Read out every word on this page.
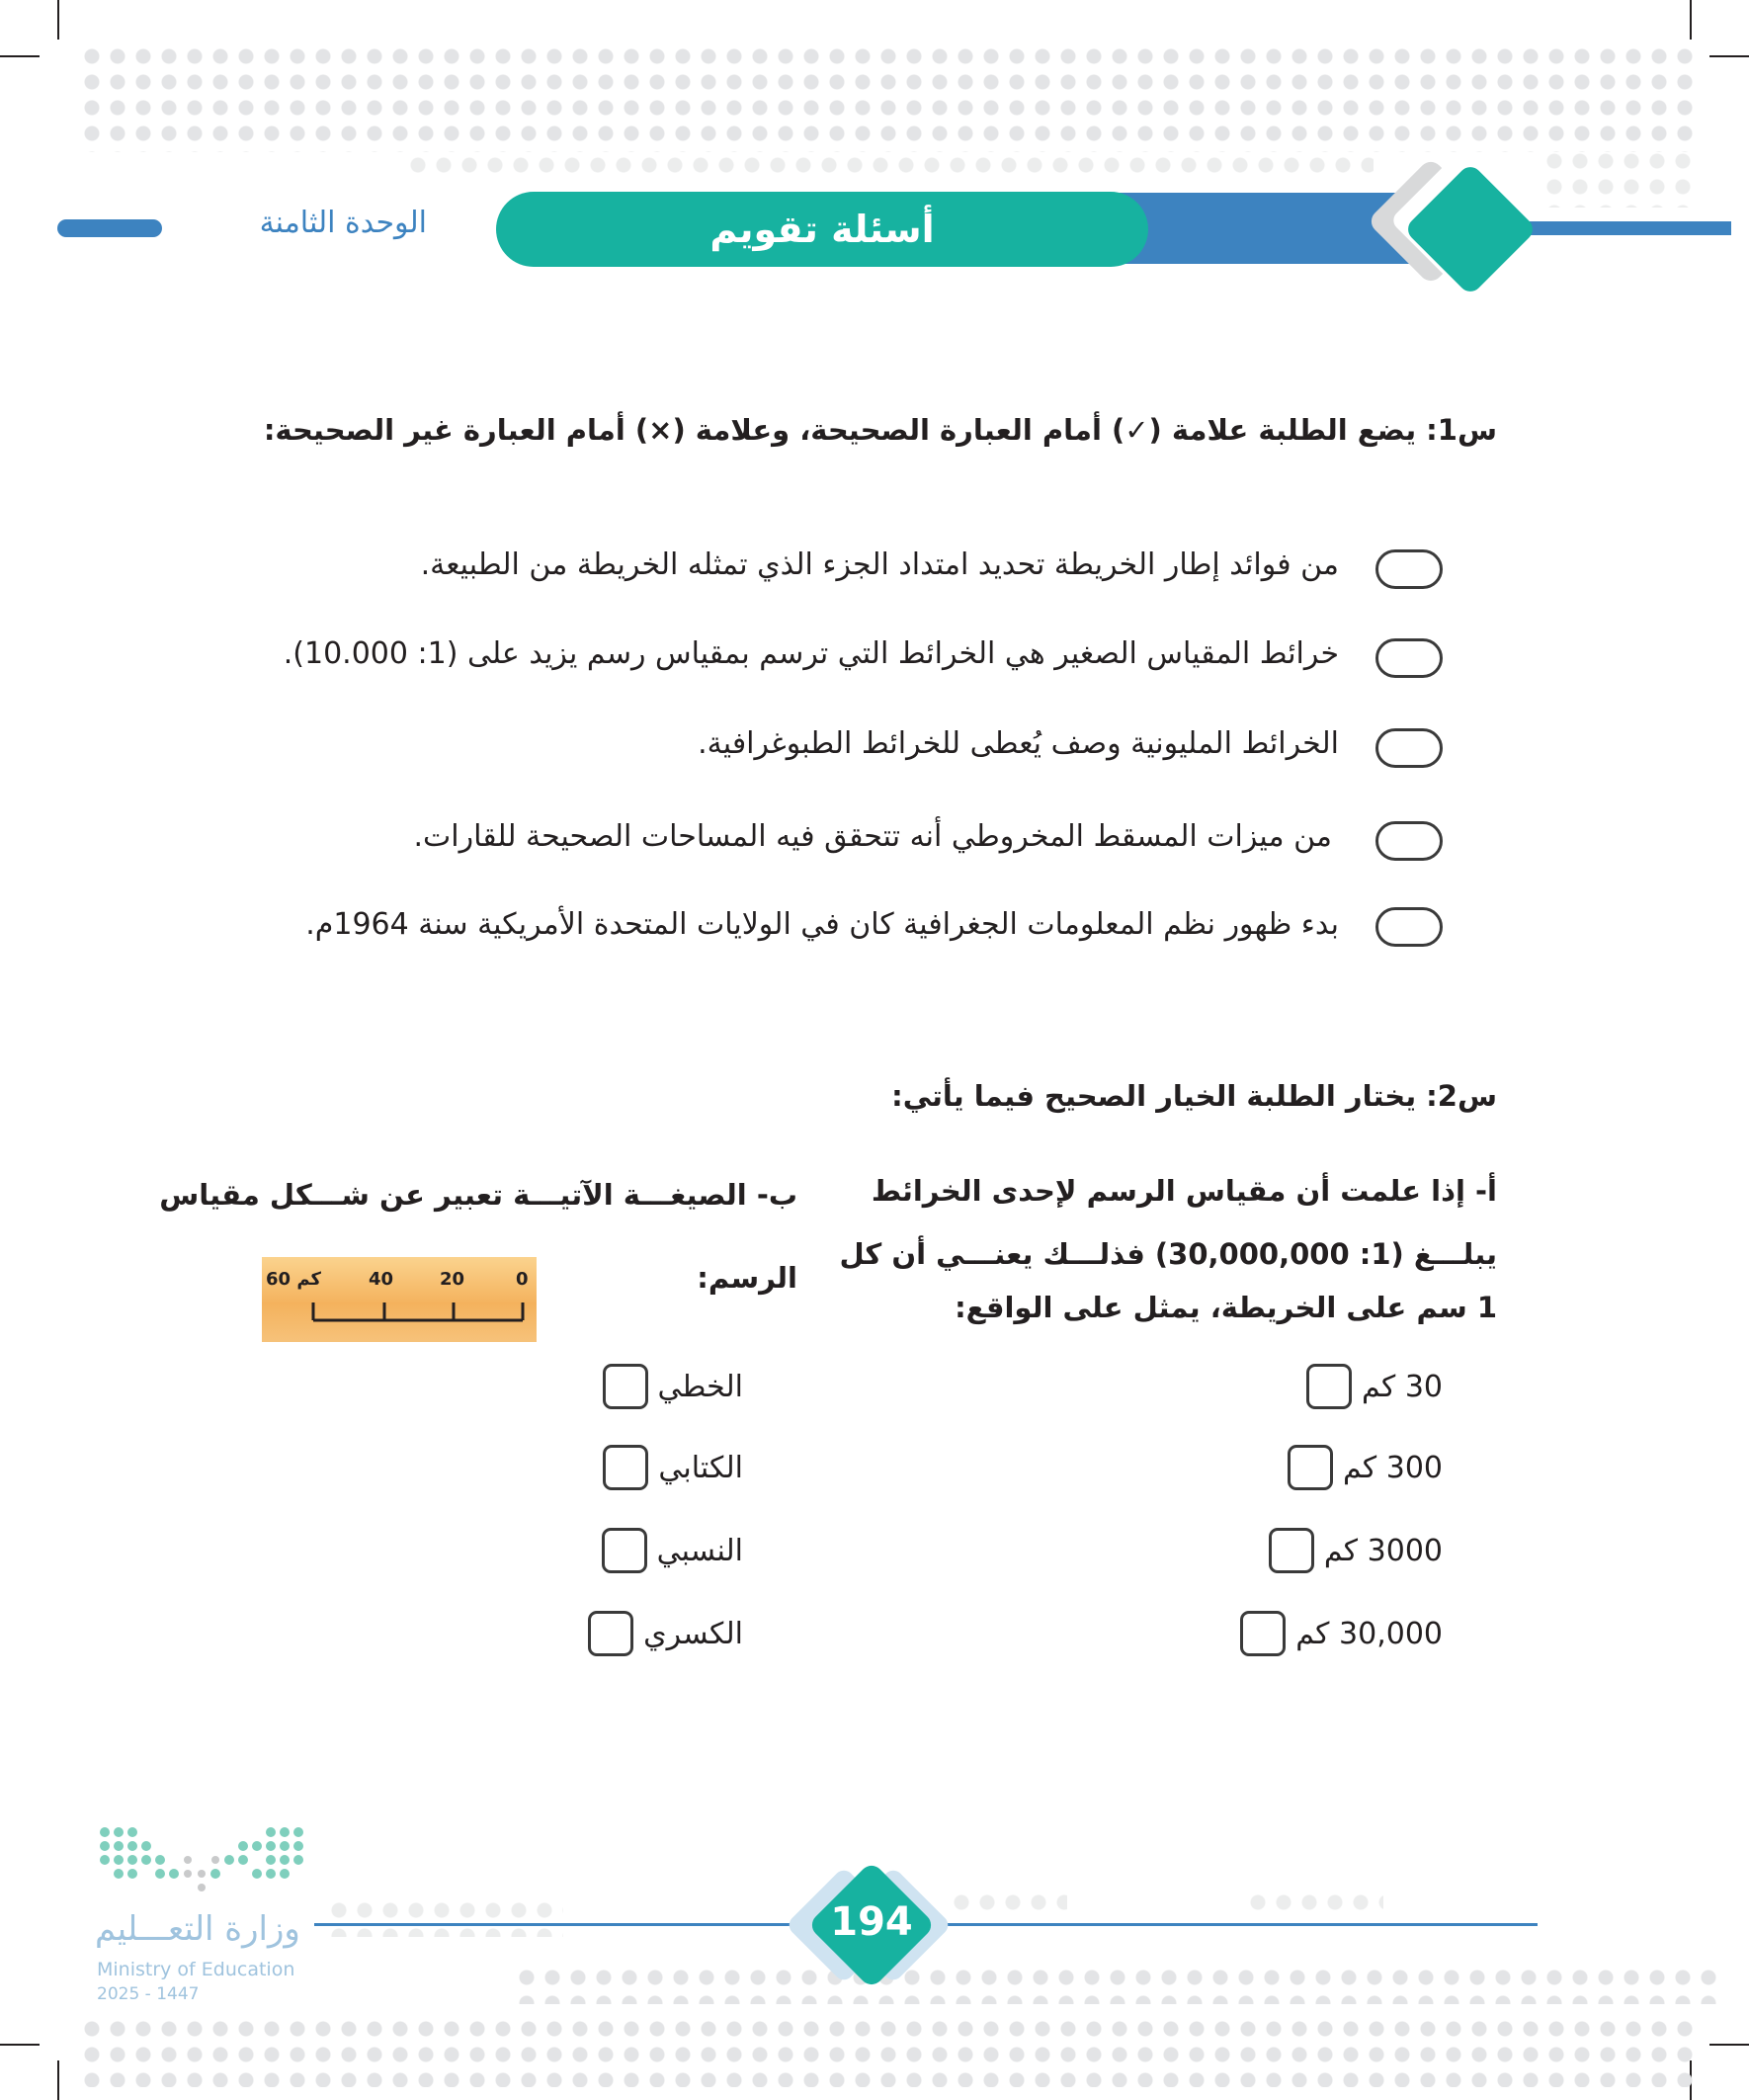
أسئلة تقويم
الوحدة الثامنة
س1: يضع الطلبة علامة (✓) أمام العبارة الصحيحة، وعلامة (×) أمام العبارة غير الصحيحة:
من فوائد إطار الخريطة تحديد امتداد الجزء الذي تمثله الخريطة من الطبيعة.
خرائط المقياس الصغير هي الخرائط التي ترسم بمقياس رسم يزيد على (1: 10.000).
الخرائط المليونية وصف يُعطى للخرائط الطبوغرافية.
من ميزات المسقط المخروطي أنه تتحقق فيه المساحات الصحيحة للقارات.
بدء ظهور نظم المعلومات الجغرافية كان في الولايات المتحدة الأمريكية سنة 1964م.
س2: يختار الطلبة الخيار الصحيح فيما يأتي:
أ- إذا علمت أن مقياس الرسم لإحدى الخرائط
يبلـــغ (1: 30,000,000) فذلـــك يعنـــي أن كل
1 سم على الخريطة، يمثل على الواقع:
30 كم
300 كم
3000 كم
30,000 كم
ب- الصيغـــة الآتيـــة تعبير عن شـــكل مقياس
الرسم:
0
20
40
60 كم
الخطي
الكتابي
النسبي
الكسري
194
وزارة التعـــليم
Ministry of Education
2025 - 1447
